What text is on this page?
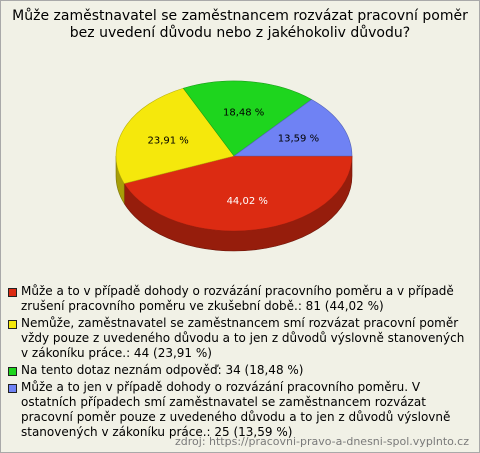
Může zaměstnavatel se zaměstnancem rozvázat pracovní poměr bez uvedení důvodu nebo z jakéhokoliv důvodu?
44,02 %
23,91 %
18,48 %
13,59 %
Může a to v případě dohody o rozvázání pracovního poměru a v případě zrušení pracovního poměru ve zkušební době.: 81 (44,02 %)
Nemůže, zaměstnavatel se zaměstnancem smí rozvázat pracovní poměr vždy pouze z uvedeného důvodu a to jen z důvodů výslovně stanovených v zákoníku práce.: 44 (23,91 %)
Na tento dotaz neznám odpověď: 34 (18,48 %)
Může a to jen v případě dohody o rozvázání pracovního poměru. V ostatních případech smí zaměstnavatel se zaměstnancem rozvázat pracovní poměr pouze z uvedeného důvodu a to jen z důvodů výslovně stanovených v zákoníku práce.: 25 (13,59 %)
zdroj: https://pracovni-pravo-a-dnesni-spol.vyplnto.cz
